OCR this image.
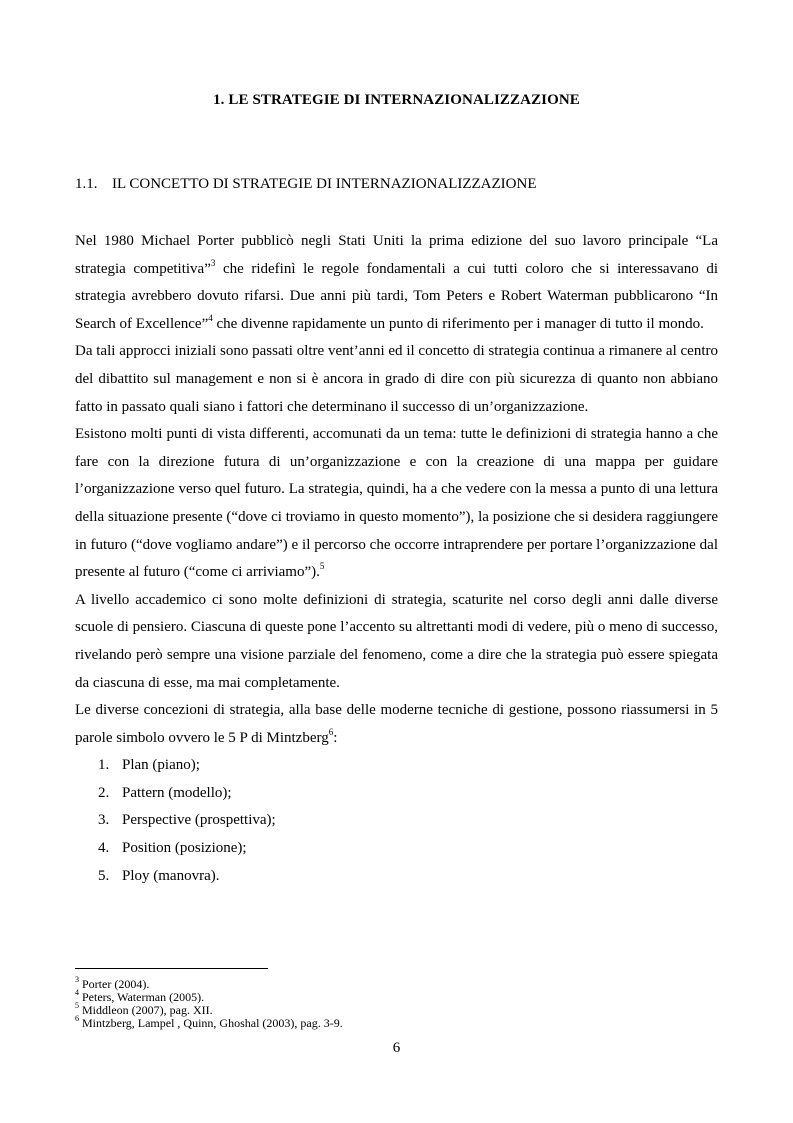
1. LE STRATEGIE DI INTERNAZIONALIZZAZIONE
1.1. IL CONCETTO DI STRATEGIE DI INTERNAZIONALIZZAZIONE

Nel 1980 Michael Porter pubblicò negli Stati Uniti la prima edizione del suo lavoro principale “La strategia competitiva”$^3$ che ridefinì le regole fondamentali a cui tutti coloro che si interessavano di strategia avrebbero dovuto rifarsi. Due anni più tardi, Tom Peters e Robert Waterman pubblicarono “In Search of Excellence”$^4$ che divenne rapidamente un punto di riferimento per i manager di tutto il mondo.

Da tali approcci iniziali sono passati oltre vent’anni ed il concetto di strategia continua a rimanere al centro del dibattito sul management e non si è ancora in grado di dire con più sicurezza di quanto non abbiano fatto in passato quali siano i fattori che determinano il successo di un’organizzazione.

Esistono molti punti di vista differenti, accomunati da un tema: tutte le definizioni di strategia hanno a che fare con la direzione futura di un’organizzazione e con la creazione di una mappa per guidare l’organizzazione verso quel futuro. La strategia, quindi, ha a che vedere con la messa a punto di una lettura della situazione presente (“dove ci troviamo in questo momento”), la posizione che si desidera raggiungere in futuro (“dove vogliamo andare”) e il percorso che occorre intraprendere per portare l’organizzazione dal presente al futuro (“come ci arriviamo”).$^5$

A livello accademico ci sono molte definizioni di strategia, scaturite nel corso degli anni dalle diverse scuole di pensiero. Ciascuna di queste pone l’accento su altrettanti modi di vedere, più o meno di successo, rivelando però sempre una visione parziale del fenomeno, come a dire che la strategia può essere spiegata da ciascuna di esse, ma mai completamente.

Le diverse concezioni di strategia, alla base delle moderne tecniche di gestione, possono riassumersi in 5 parole simbolo ovvero le 5 P di Mintzberg$^6$:

1. Plan (piano);
2. Pattern (modello);
3. Perspective (prospettiva);
4. Position (posizione);
5. Ploy (manovra).
$^3$ Porter (2004).
$^4$ Peters, Waterman (2005).
$^5$ Middleon (2007), pag. XII.
$^6$ Mintzberg, Lampel , Quinn, Ghoshal (2003), pag. 3-9.
6
